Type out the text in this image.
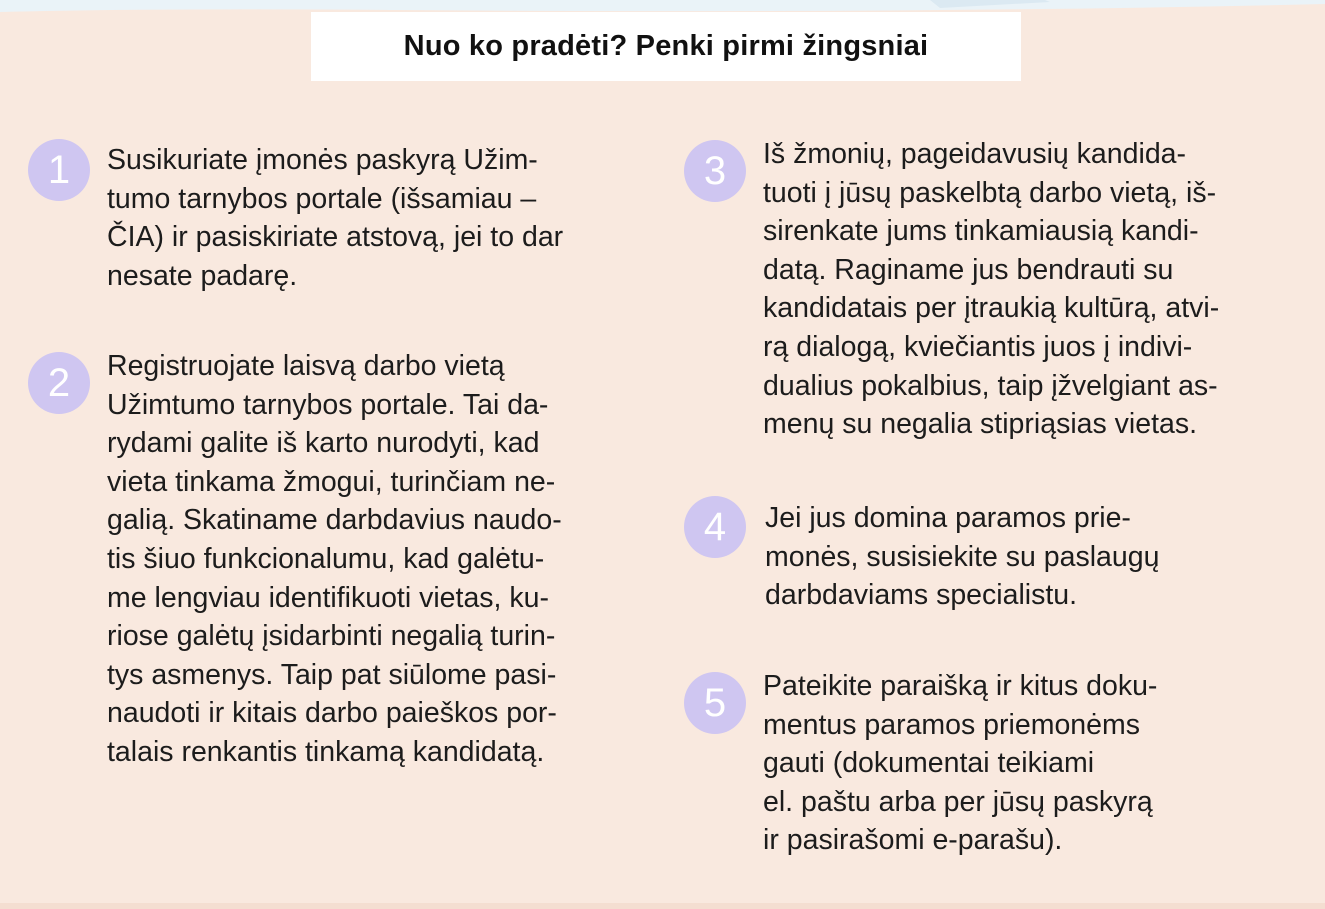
Nuo ko pradėti? Penki pirmi žingsniai
1	Susikuriate įmonės paskyrą Užim-
tumo tarnybos portale (išsamiau –
ČIA) ir pasiskiriate atstovą, jei to dar
nesate padarę.

2	Registruojate laisvą darbo vietą
Užimtumo tarnybos portale. Tai da-
rydami galite iš karto nurodyti, kad
vieta tinkama žmogui, turinčiam ne-
galią. Skatiname darbdavius naudo-
tis šiuo funkcionalumu, kad galėtu-
me lengviau identifikuoti vietas, ku-
riose galėtų įsidarbinti negalią turin-
tys asmenys. Taip pat siūlome pasi-
naudoti ir kitais darbo paieškos por-
talais renkantis tinkamą kandidatą.

3	Iš žmonių, pageidavusių kandida-
tuoti į jūsų paskelbtą darbo vietą, iš-
sirenkate jums tinkamiausią kandi-
datą. Raginame jus bendrauti su
kandidatais per įtraukią kultūrą, atvi-
rą dialogą, kviečiantis juos į indivi-
dualius pokalbius, taip įžvelgiant as-
menų su negalia stipriąsias vietas.

4	Jei jus domina paramos prie-
monės, susisiekite su paslaugų
darbdaviams specialistu.

5	Pateikite paraišką ir kitus doku-
mentus paramos priemonėms
gauti (dokumentai teikiami
el. paštu arba per jūsų paskyrą
ir pasirašomi e-parašu).
